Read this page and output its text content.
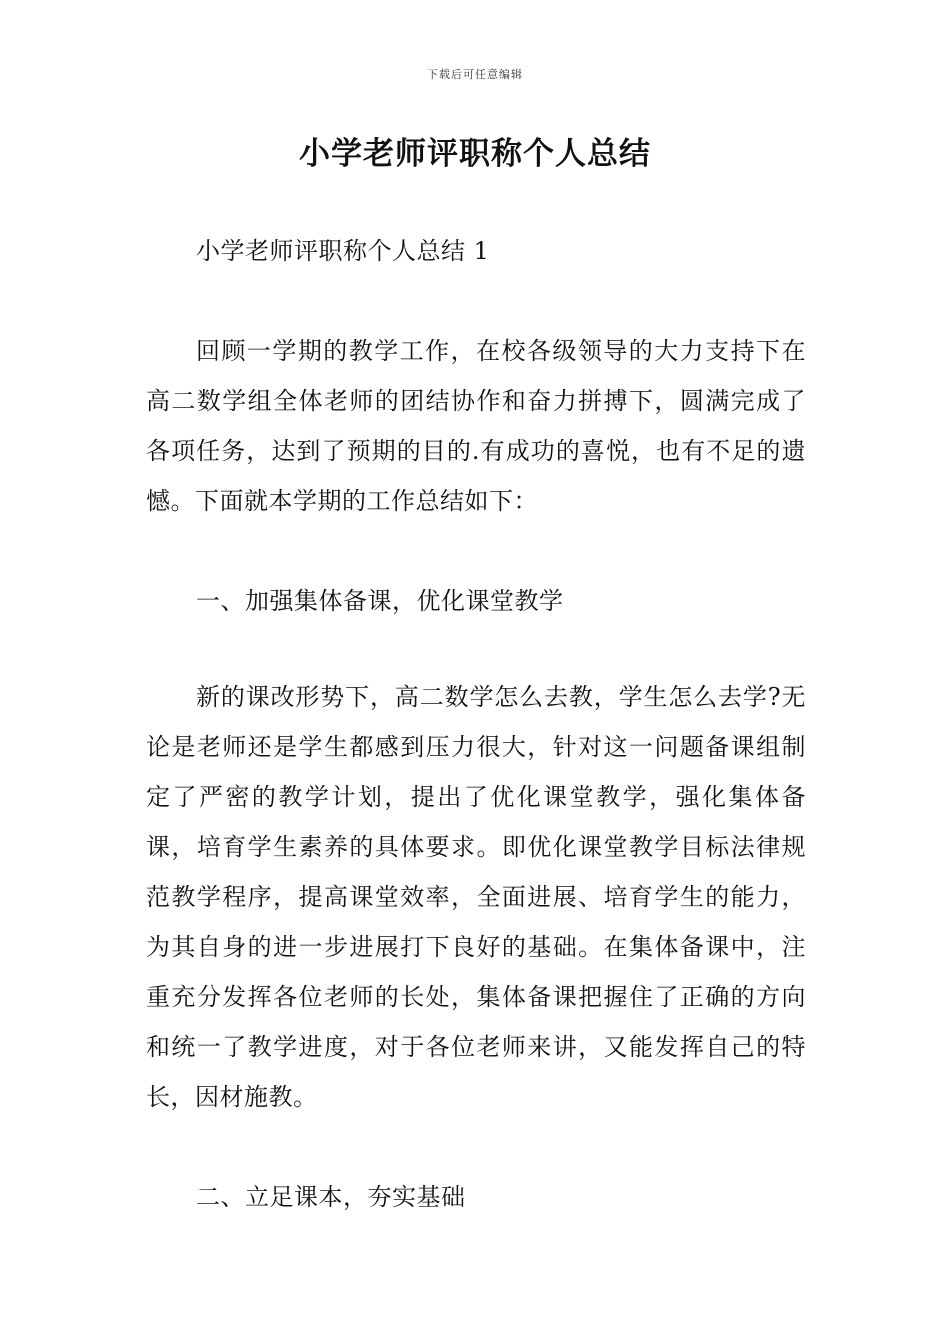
下载后可任意编辑
小学老师评职称个人总结

小学老师评职称个人总结 1

回顾一学期的教学工作，在校各级领导的大力支持下在高二数学组全体老师的团结协作和奋力拼搏下，圆满完成了各项任务，达到了预期的目的.有成功的喜悦，也有不足的遗憾。下面就本学期的工作总结如下：

一、加强集体备课，优化课堂教学

新的课改形势下，高二数学怎么去教，学生怎么去学?无论是老师还是学生都感到压力很大，针对这一问题备课组制定了严密的教学计划，提出了优化课堂教学，强化集体备课，培育学生素养的具体要求。即优化课堂教学目标法律规范教学程序，提高课堂效率，全面进展、培育学生的能力，为其自身的进一步进展打下良好的基础。在集体备课中，注重充分发挥各位老师的长处，集体备课把握住了正确的方向和统一了教学进度，对于各位老师来讲，又能发挥自己的特长，因材施教。

二、立足课本，夯实基础
